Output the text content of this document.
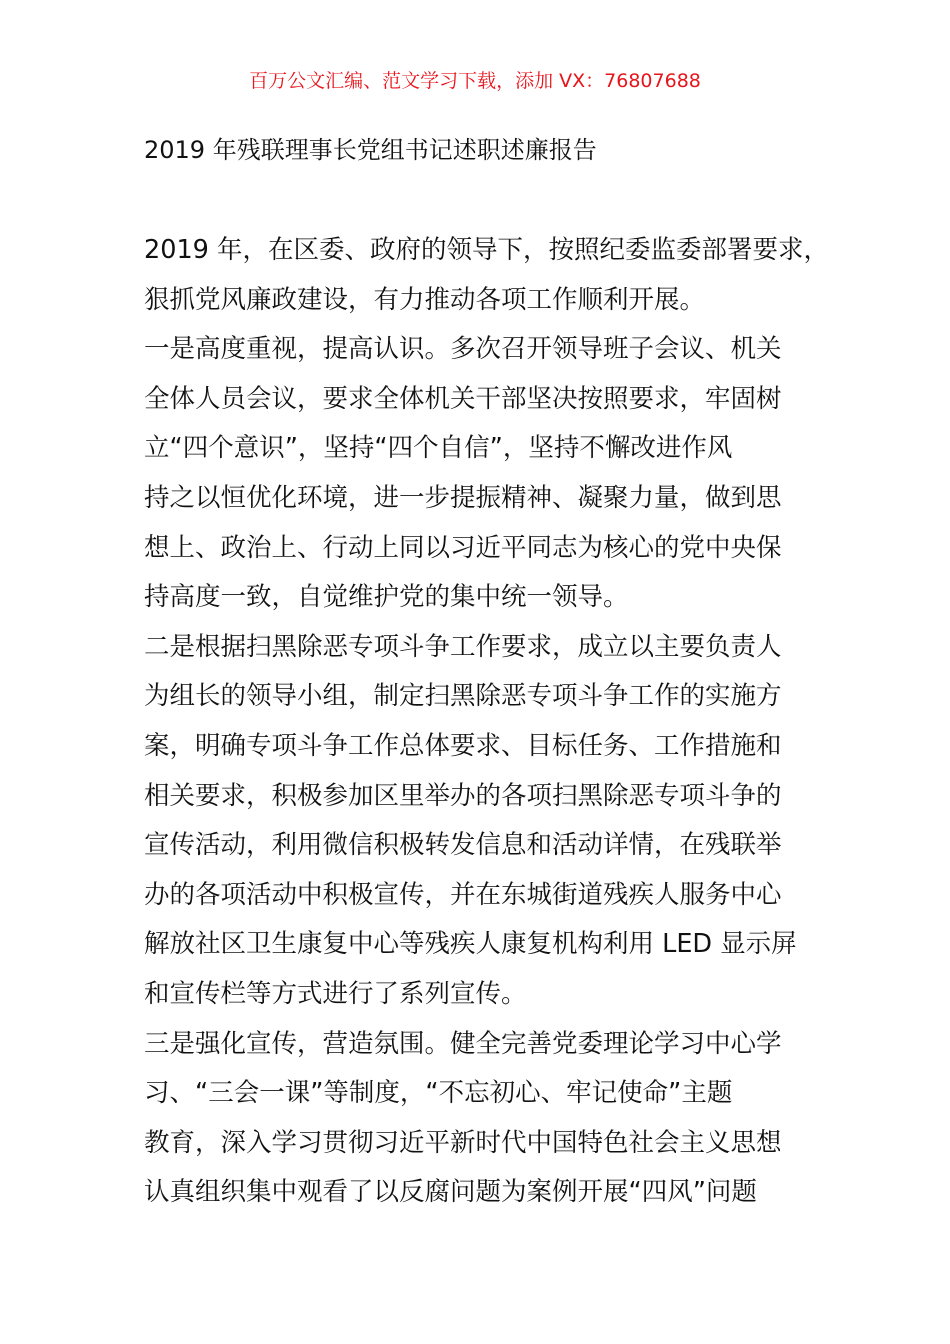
百万公文汇编、范文学习下载，添加 VX：76807688
2019 年残联理事长党组书记述职述廉报告
2019 年，在区委、政府的领导下，按照纪委监委部署要求，
狠抓党风廉政建设，有力推动各项工作顺利开展。
一是高度重视，提高认识。多次召开领导班子会议、机关
全体人员会议，要求全体机关干部坚决按照要求，牢固树
立“四个意识”，坚持“四个自信”，坚持不懈改进作风
持之以恒优化环境，进一步提振精神、凝聚力量，做到思
想上、政治上、行动上同以习近平同志为核心的党中央保
持高度一致，自觉维护党的集中统一领导。
二是根据扫黑除恶专项斗争工作要求，成立以主要负责人
为组长的领导小组，制定扫黑除恶专项斗争工作的实施方
案，明确专项斗争工作总体要求、目标任务、工作措施和
相关要求，积极参加区里举办的各项扫黑除恶专项斗争的
宣传活动，利用微信积极转发信息和活动详情，在残联举
办的各项活动中积极宣传，并在东城街道残疾人服务中心
解放社区卫生康复中心等残疾人康复机构利用 LED 显示屏
和宣传栏等方式进行了系列宣传。
三是强化宣传，营造氛围。健全完善党委理论学习中心学
习、“三会一课”等制度，“不忘初心、牢记使命”主题
教育，深入学习贯彻习近平新时代中国特色社会主义思想
认真组织集中观看了以反腐问题为案例开展“四风”问题
